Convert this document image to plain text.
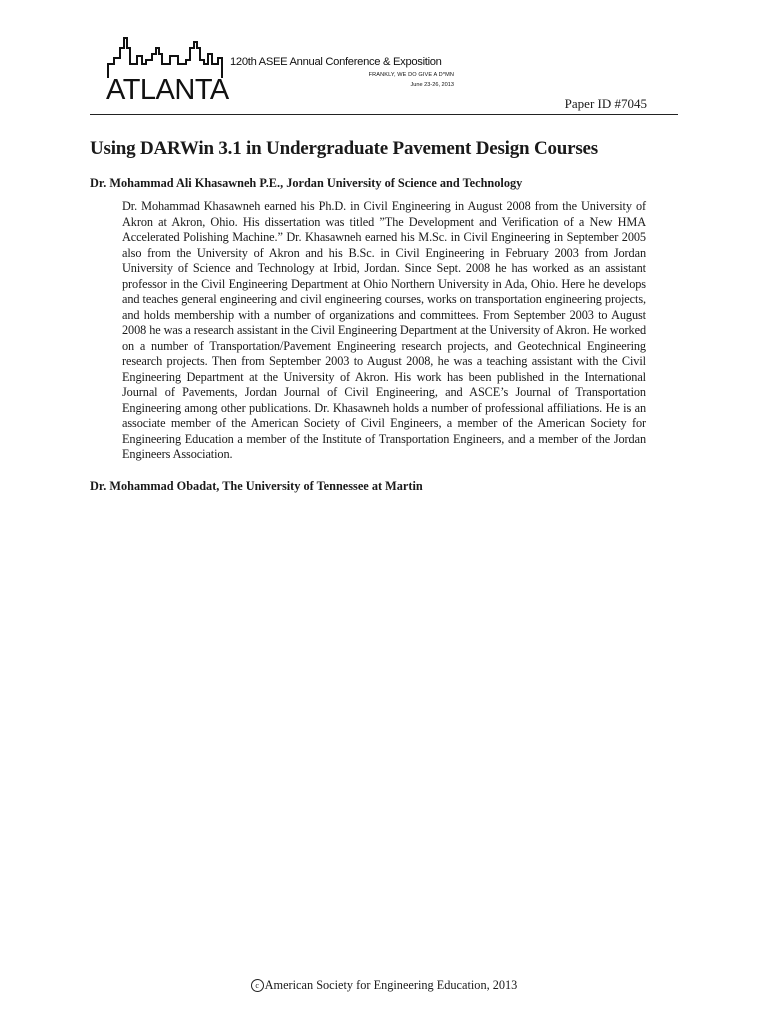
ATLANTA
120th ASEE Annual Conference & Exposition
FRANKLY, WE DO GIVE A D*MN
June 23-26, 2013
Paper ID #7045
Using DARWin 3.1 in Undergraduate Pavement Design Courses
Dr. Mohammad Ali Khasawneh P.E., Jordan University of Science and Technology

Dr. Mohammad Khasawneh earned his Ph.D. in Civil Engineering in August 2008 from the University of Akron at Akron, Ohio. His dissertation was titled ”The Development and Verification of a New HMA Accelerated Polishing Machine.” Dr. Khasawneh earned his M.Sc. in Civil Engineering in September 2005 also from the University of Akron and his B.Sc. in Civil Engineering in February 2003 from Jordan University of Science and Technology at Irbid, Jordan. Since Sept. 2008 he has worked as an assistant professor in the Civil Engineering Department at Ohio Northern University in Ada, Ohio. Here he develops and teaches general engineering and civil engineering courses, works on transportation engineering projects, and holds membership with a number of organizations and committees. From September 2003 to August 2008 he was a research assistant in the Civil Engineering Department at the University of Akron. He worked on a number of Transportation/Pavement Engineering research projects, and Geotechnical Engineering research projects. Then from September 2003 to August 2008, he was a teaching assistant with the Civil Engineering Department at the University of Akron. His work has been published in the International Journal of Pavements, Jordan Journal of Civil Engineering, and ASCE’s Journal of Transportation Engineering among other publications. Dr. Khasawneh holds a number of professional affiliations. He is an associate member of the American Society of Civil Engineers, a member of the American Society for Engineering Education a member of the Institute of Transportation Engineers, and a member of the Jordan Engineers Association.

Dr. Mohammad Obadat, The University of Tennessee at Martin
c American Society for Engineering Education, 2013
